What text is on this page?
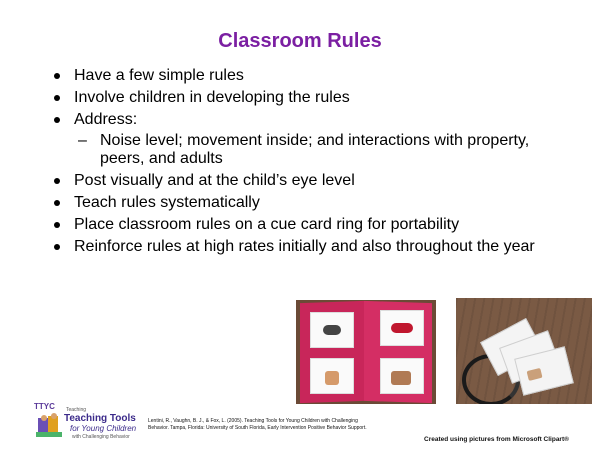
Classroom Rules
Have a few simple rules
Involve children in developing the rules
Address:
– Noise level; movement inside; and interactions with property, peers, and adults
Post visually and at the child’s eye level
Teach rules systematically
Place classroom rules on a cue card ring for portability
Reinforce rules at high rates initially and also throughout the year
TTYC Teaching
Teaching Tools
for Young Children
with Challenging Behavior
Lentini, R., Vaughn, B. J., & Fox, L. (2005). Teaching Tools for Young Children with Challenging Behavior. Tampa, Florida: University of South Florida, Early Intervention Positive Behavior Support.
Created using pictures from Microsoft Clipart®
